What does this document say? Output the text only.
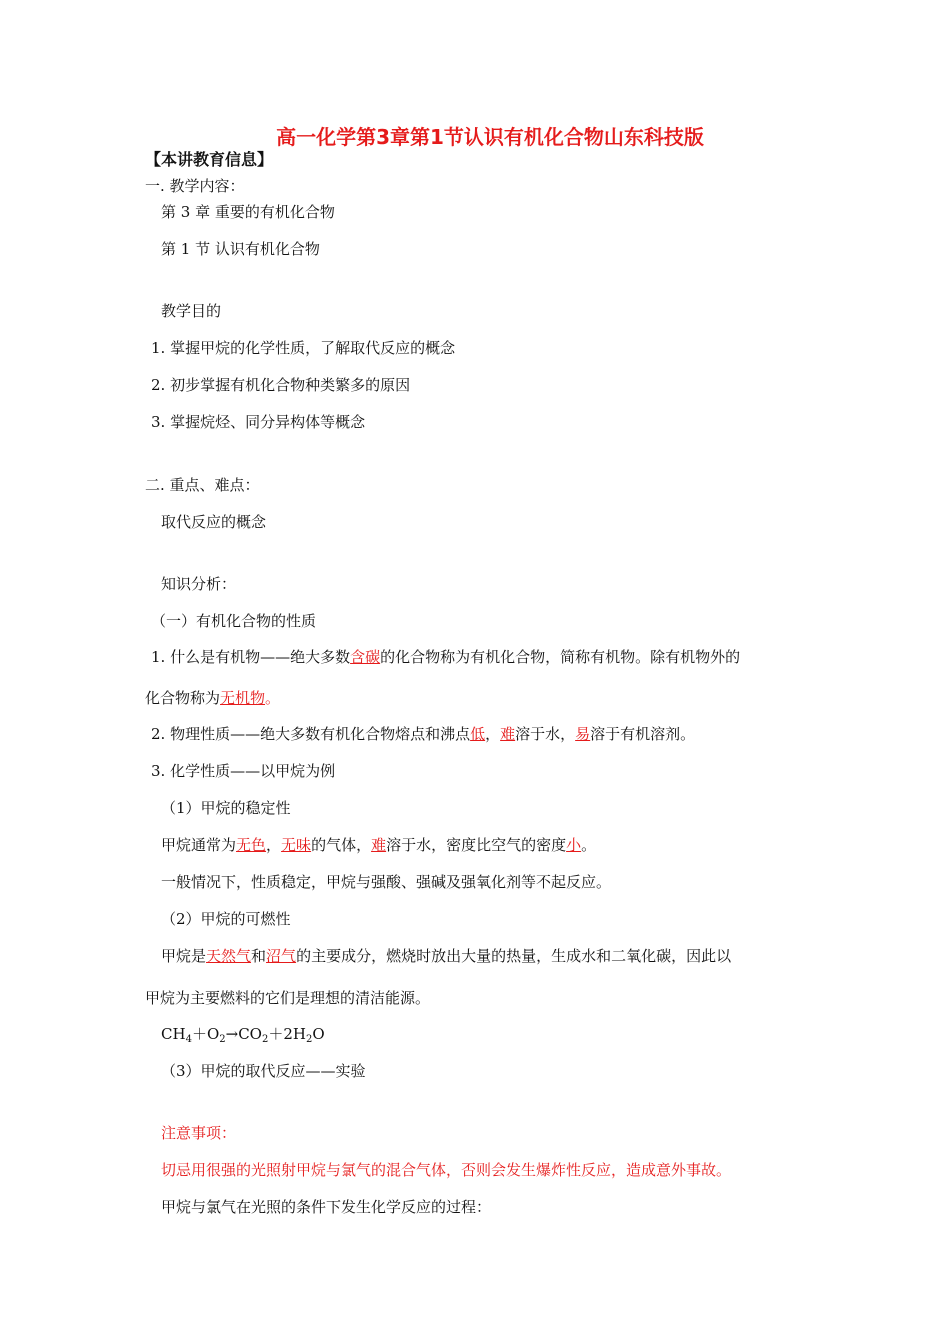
高一化学第3章第1节认识有机化合物山东科技版
【本讲教育信息】
一. 教学内容：
第 3 章 重要的有机化合物
第 1 节 认识有机化合物
教学目的
1. 掌握甲烷的化学性质，了解取代反应的概念
2. 初步掌握有机化合物种类繁多的原因
3. 掌握烷烃、同分异构体等概念
二. 重点、难点：
取代反应的概念
知识分析：
（一）有机化合物的性质
1. 什么是有机物——绝大多数含碳的化合物称为有机化合物，简称有机物。除有机物外的
化合物称为无机物。
2. 物理性质——绝大多数有机化合物熔点和沸点低，难溶于水，易溶于有机溶剂。
3. 化学性质——以甲烷为例
（1）甲烷的稳定性
甲烷通常为无色，无味的气体，难溶于水，密度比空气的密度小。
一般情况下，性质稳定，甲烷与强酸、强碱及强氧化剂等不起反应。
（2）甲烷的可燃性
甲烷是天然气和沼气的主要成分，燃烧时放出大量的热量，生成水和二氧化碳，因此以
甲烷为主要燃料的它们是理想的清洁能源。
$CH_4+O_2\to CO_2+2H_2O$
（3）甲烷的取代反应——实验
注意事项：
切忌用很强的光照射甲烷与氯气的混合气体，否则会发生爆炸性反应，造成意外事故。
甲烷与氯气在光照的条件下发生化学反应的过程：
